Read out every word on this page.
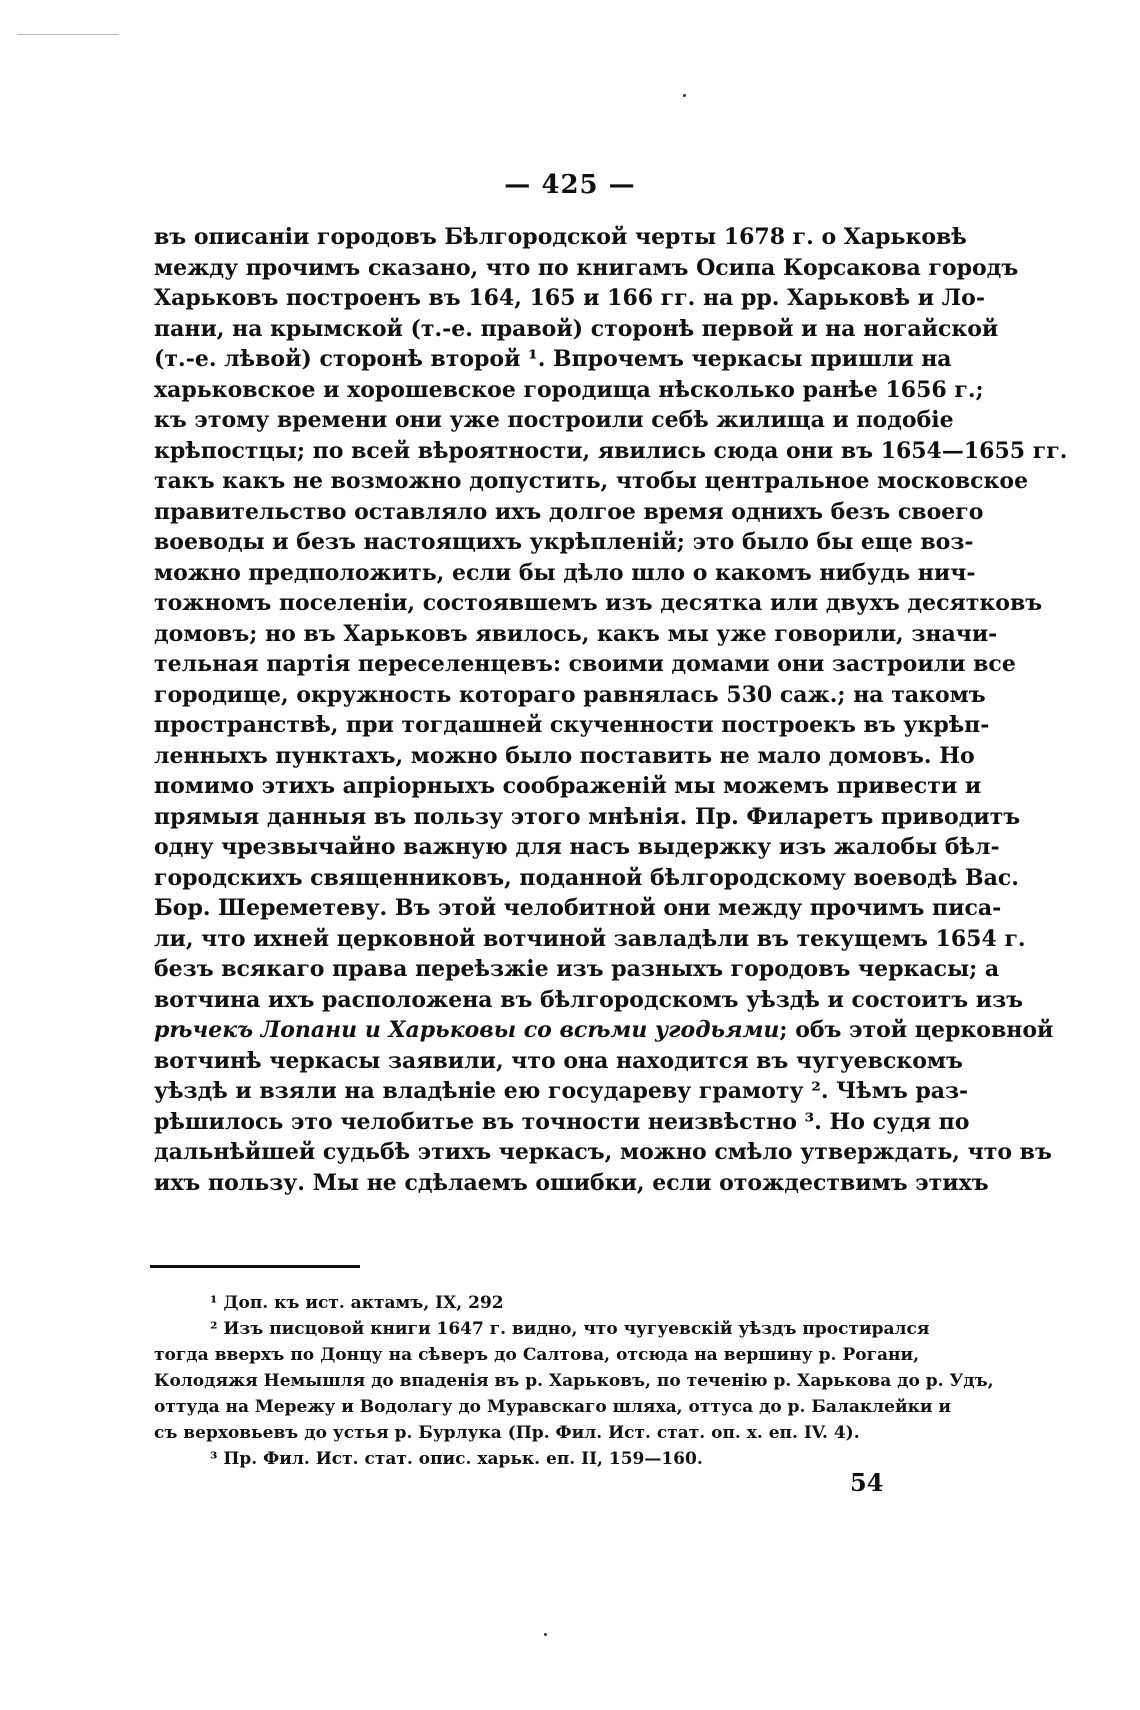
— 425 —
въ описаніи городовъ Бѣлгородской черты 1678 г. о Харьковѣ
между прочимъ сказано, что по книгамъ Осипа Корсакова городъ
Харьковъ построенъ въ 164, 165 и 166 гг. на рр. Харьковѣ и Ло-
пани, на крымской (т.-е. правой) сторонѣ первой и на ногайской
(т.-е. лѣвой) сторонѣ второй ¹. Впрочемъ черкасы пришли на
харьковское и хорошевское городища нѣсколько ранѣе 1656 г.;
къ этому времени они уже построили себѣ жилища и подобіе
крѣпостцы; по всей вѣроятности, явились сюда они въ 1654—1655 гг.
такъ какъ не возможно допустить, чтобы центральное московское
правительство оставляло ихъ долгое время однихъ безъ своего
воеводы и безъ настоящихъ укрѣпленій; это было бы еще воз-
можно предположить, если бы дѣло шло о какомъ нибудь нич-
тожномъ поселеніи, состоявшемъ изъ десятка или двухъ десятковъ
домовъ; но въ Харьковъ явилось, какъ мы уже говорили, значи-
тельная партія переселенцевъ: своими домами они застроили все
городище, окружность котораго равнялась 530 саж.; на такомъ
пространствѣ, при тогдашней скученности построекъ въ укрѣп-
ленныхъ пунктахъ, можно было поставить не мало домовъ. Но
помимо этихъ апріорныхъ соображеній мы можемъ привести и
прямыя данныя въ пользу этого мнѣнія. Пр. Филаретъ приводитъ
одну чрезвычайно важную для насъ выдержку изъ жалобы бѣл-
городскихъ священниковъ, поданной бѣлгородскому воеводѣ Вас.
Бор. Шереметеву. Въ этой челобитной они между прочимъ писа-
ли, что ихней церковной вотчиной завладѣли въ текущемъ 1654 г.
безъ всякаго права переѣзжіе изъ разныхъ городовъ черкасы; а
вотчина ихъ расположена въ бѣлгородскомъ уѣздѣ и состоитъ изъ
рѣчекъ Лопани и Харьковы со всѣми угодьями; объ этой церковной
вотчинѣ черкасы заявили, что она находится въ чугуевскомъ
уѣздѣ и взяли на владѣніе ею государеву грамоту ². Чѣмъ раз-
рѣшилось это челобитье въ точности неизвѣстно ³. Но судя по
дальнѣйшей судьбѣ этихъ черкасъ, можно смѣло утверждать, что въ
ихъ пользу. Мы не сдѣлаемъ ошибки, если отождествимъ этихъ
¹ Доп. къ ист. актамъ, IX, 292
² Изъ писцовой книги 1647 г. видно, что чугуевскій уѣздъ простирался
тогда вверхъ по Донцу на сѣверъ до Салтова, отсюда на вершину р. Рогани,
Колодяжя Немышля до впаденія въ р. Харьковъ, по теченію р. Харькова до р. Удъ,
оттуда на Мережу и Водолагу до Муравскаго шляха, оттуса до р. Балаклейки и
съ верховьевъ до устья р. Бурлука (Пр. Фил. Ист. стат. оп. х. еп. IV. 4).
³ Пр. Фил. Ист. стат. опис. харьк. еп. II, 159—160.
54
